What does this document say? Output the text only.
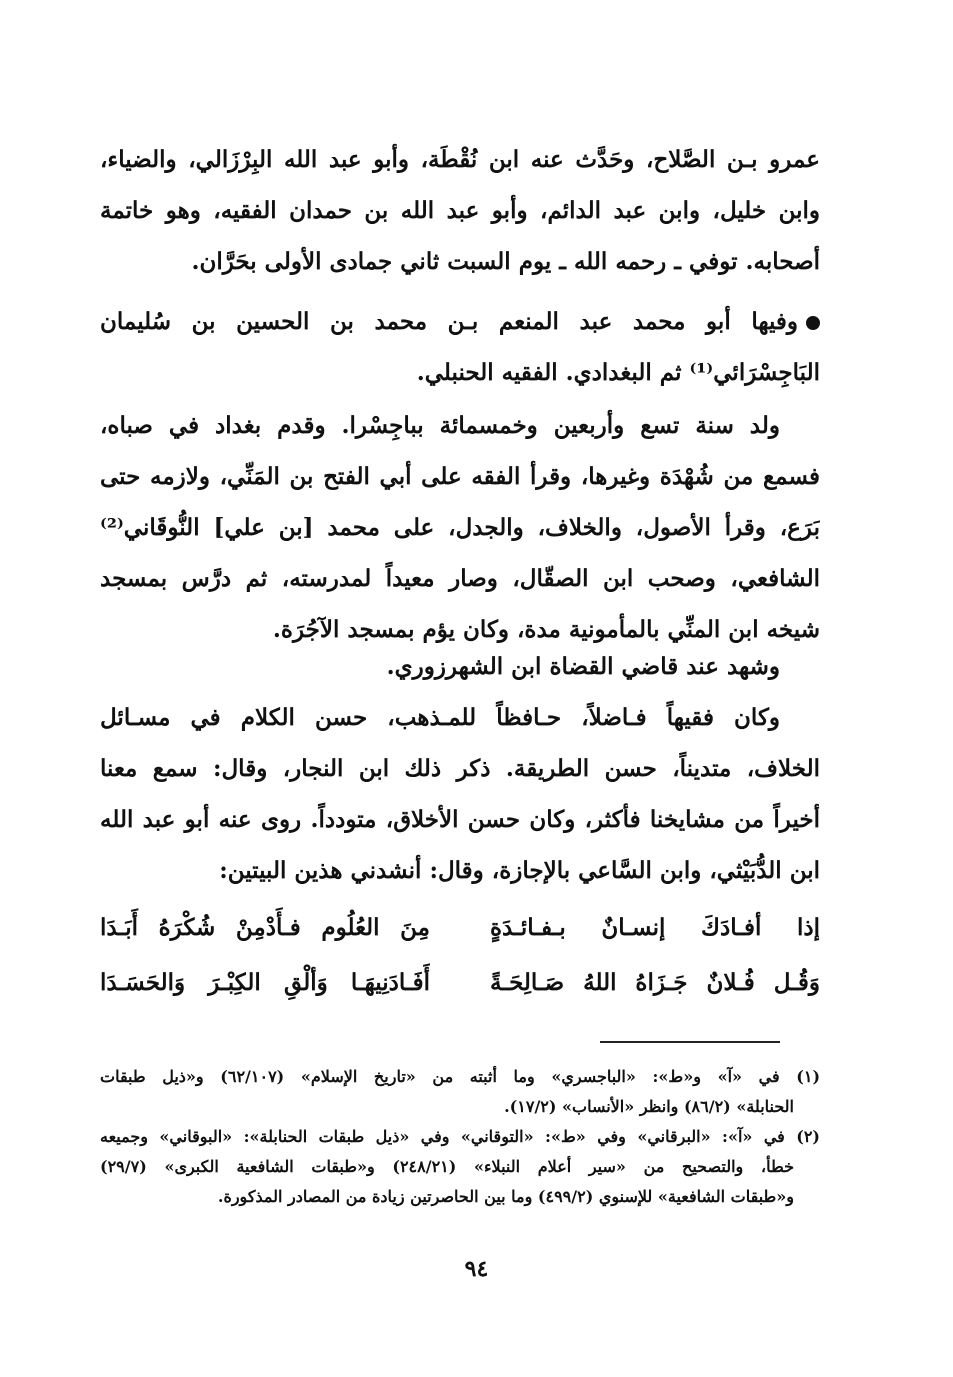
عمرو بـن الصَّلاح، وحَدَّث عنه ابن نُقْطَة، وأبو عبد الله البِرْزَالي، والضياء،
وابن خليل، وابن عبد الدائم، وأبو عبد الله بن حمدان الفقيه، وهو خاتمة
أصحابه. توفي ـ رحمه الله ـ يوم السبت ثاني جمادى الأولى بحَرَّان.
وفيها أبو محمد عبد المنعم بـن محمد بن الحسين بن سُليمان
البَاجِسْرَائي⁽¹⁾ ثم البغدادي. الفقيه الحنبلي.
ولد سنة تسع وأربعين وخمسمائة بباجِسْرا. وقدم بغداد في صباه،
فسمع من شُهْدَة وغيرها، وقرأ الفقه على أبي الفتح بن المَنِّي، ولازمه حتى
بَرَع، وقرأ الأصول، والخلاف، والجدل، على محمد [بن علي] النُّوقَاني⁽²⁾
الشافعي، وصحب ابن الصقّال، وصار معيداً لمدرسته، ثم درَّس بمسجد
شيخه ابن المنِّي بالمأمونية مدة، وكان يؤم بمسجد الآجُرَة.
وشهد عند قاضي القضاة ابن الشهرزوري.
وكان فقيهاً فـاضلاً، حـافظاً للمـذهب، حسن الكلام في مسـائل
الخلاف، متديناً، حسن الطريقة. ذكر ذلك ابن النجار، وقال: سمع معنا
أخيراً من مشايخنا فأكثر، وكان حسن الأخلاق، متودداً. روى عنه أبو عبد الله
ابن الدُّبَيْثي، وابن السَّاعي بالإجازة، وقال: أنشدني هذين البيتين:
إذا أفـادَكَ إنسـانٌ بـفـائـدَةٍ
مِنَ العُلُوم فـأَدْمِنْ شُكْرَهُ أَبَـدَا
وَقُـل فُـلانٌ جَـزَاهُ اللهُ صَـالِحَـةً
أَفَـادَنِيهَـا وَألْقِ الكِبْـرَ وَالحَسَـدَا
(١) في «آ» و«ط»: «الباجسري» وما أثبته من «تاريخ الإسلام» (٦٢/١٠٧) و«ذيل طبقات
الحنابلة» (٨٦/٢) وانظر «الأنساب» (١٧/٢).
(٢) في «آ»: «البرقاني» وفي «ط»: «التوقاني» وفي «ذيل طبقات الحنابلة»: «البوقاني» وجميعه
خطأ، والتصحيح من «سير أعلام النبلاء» (٢٤٨/٢١) و«طبقات الشافعية الكبرى» (٢٩/٧)
و«طبقات الشافعية» للإسنوي (٤٩٩/٢) وما بين الحاصرتين زيادة من المصادر المذكورة.
٩٤
